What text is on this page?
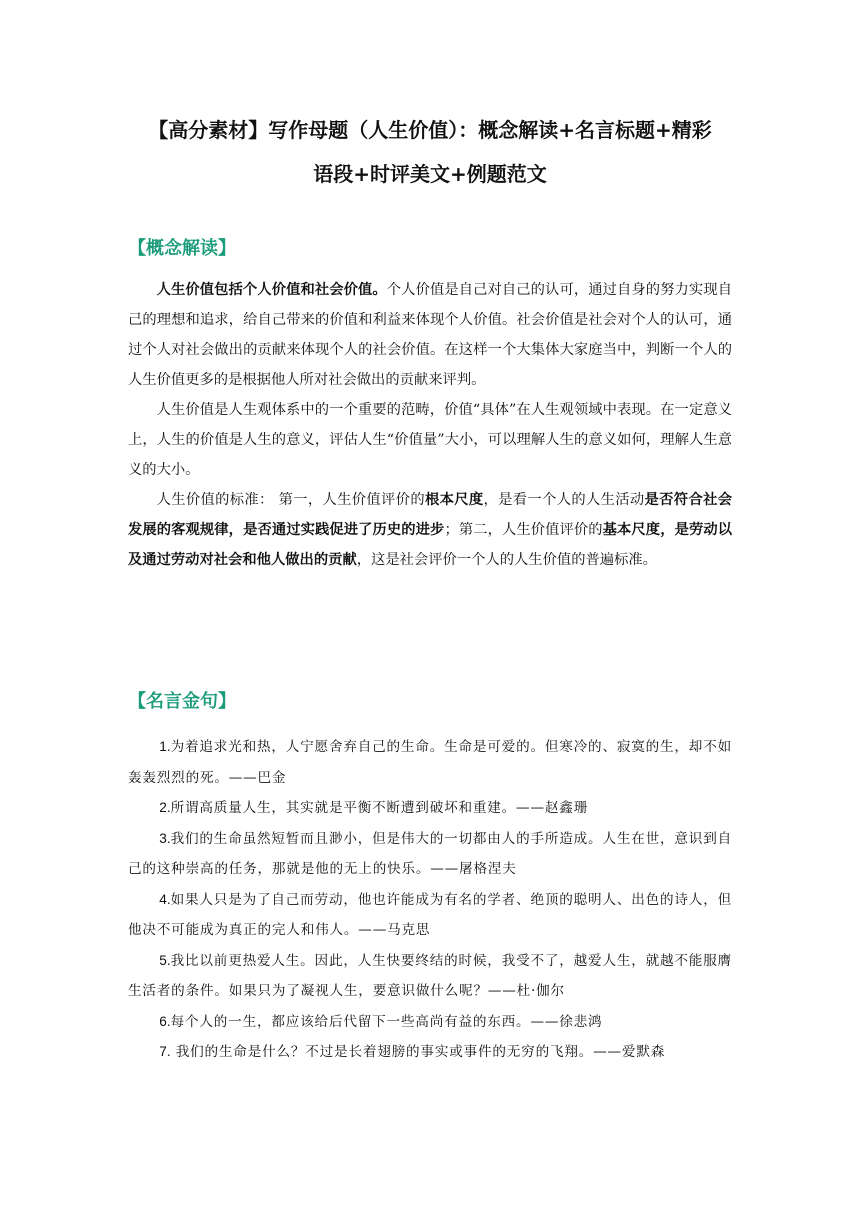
【高分素材】写作母题（人生价值）：概念解读+名言标题+精彩
语段+时评美文+例题范文
【概念解读】

人生价值包括个人价值和社会价值。个人价值是自己对自己的认可，通过自身的努力实现自己的理想和追求，给自己带来的价值和利益来体现个人价值。社会价值是社会对个人的认可，通过个人对社会做出的贡献来体现个人的社会价值。在这样一个大集体大家庭当中，判断一个人的人生价值更多的是根据他人所对社会做出的贡献来评判。

人生价值是人生观体系中的一个重要的范畴，价值“具体”在人生观领域中表现。在一定意义上，人生的价值是人生的意义，评估人生“价值量”大小，可以理解人生的意义如何，理解人生意义的大小。

人生价值的标准： 第一，人生价值评价的根本尺度，是看一个人的人生活动是否符合社会发展的客观规律，是否通过实践促进了历史的进步；第二，人生价值评价的基本尺度，是劳动以及通过劳动对社会和他人做出的贡献，这是社会评价一个人的人生价值的普遍标准。

【名言金句】

1.为着追求光和热，人宁愿舍弃自己的生命。生命是可爱的。但寒冷的、寂寞的生，却不如轰轰烈烈的死。——巴金

2.所谓高质量人生，其实就是平衡不断遭到破坏和重建。——赵鑫珊

3.我们的生命虽然短暂而且渺小，但是伟大的一切都由人的手所造成。人生在世，意识到自己的这种崇高的任务，那就是他的无上的快乐。——屠格涅夫

4.如果人只是为了自己而劳动，他也许能成为有名的学者、绝顶的聪明人、出色的诗人，但他决不可能成为真正的完人和伟人。——马克思

5.我比以前更热爱人生。因此，人生快要终结的时候，我受不了，越爱人生，就越不能服膺生活者的条件。如果只为了凝视人生，要意识做什么呢？——杜·伽尔

6.每个人的一生，都应该给后代留下一些高尚有益的东西。——徐悲鸿

7. 我们的生命是什么？不过是长着翅膀的事实或事件的无穷的飞翔。——爱默森
